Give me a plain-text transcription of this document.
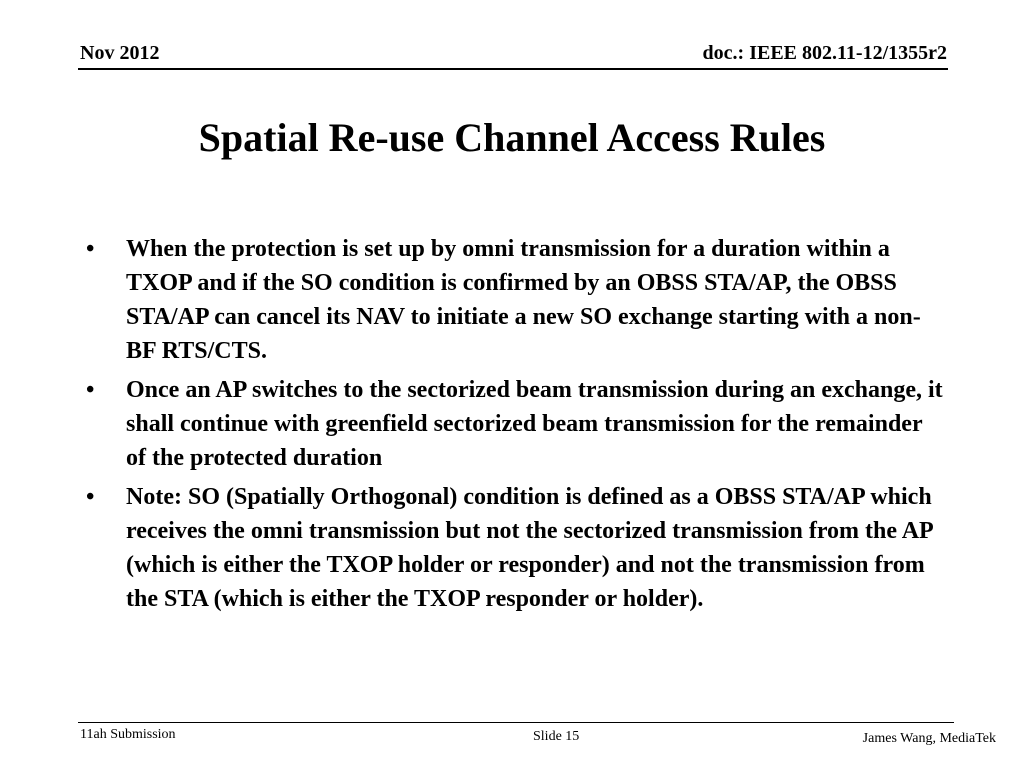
Nov 2012	doc.: IEEE 802.11-12/1355r2
Spatial Re-use Channel Access Rules
•	When the protection is set up by omni transmission for a duration within a TXOP and if the SO condition is confirmed by an OBSS STA/AP, the OBSS STA/AP can cancel its NAV to initiate a new SO exchange starting with a non-BF RTS/CTS.
•	Once an AP switches to the sectorized beam transmission during an exchange, it shall continue with greenfield sectorized beam transmission for the remainder of the protected duration
•	Note: SO (Spatially Orthogonal) condition is defined as a OBSS STA/AP which receives the omni transmission but not the sectorized transmission from the AP (which is either the TXOP holder or responder) and not the transmission from the STA (which is either the TXOP responder or holder).
11ah Submission	Slide 15	James Wang, MediaTek
